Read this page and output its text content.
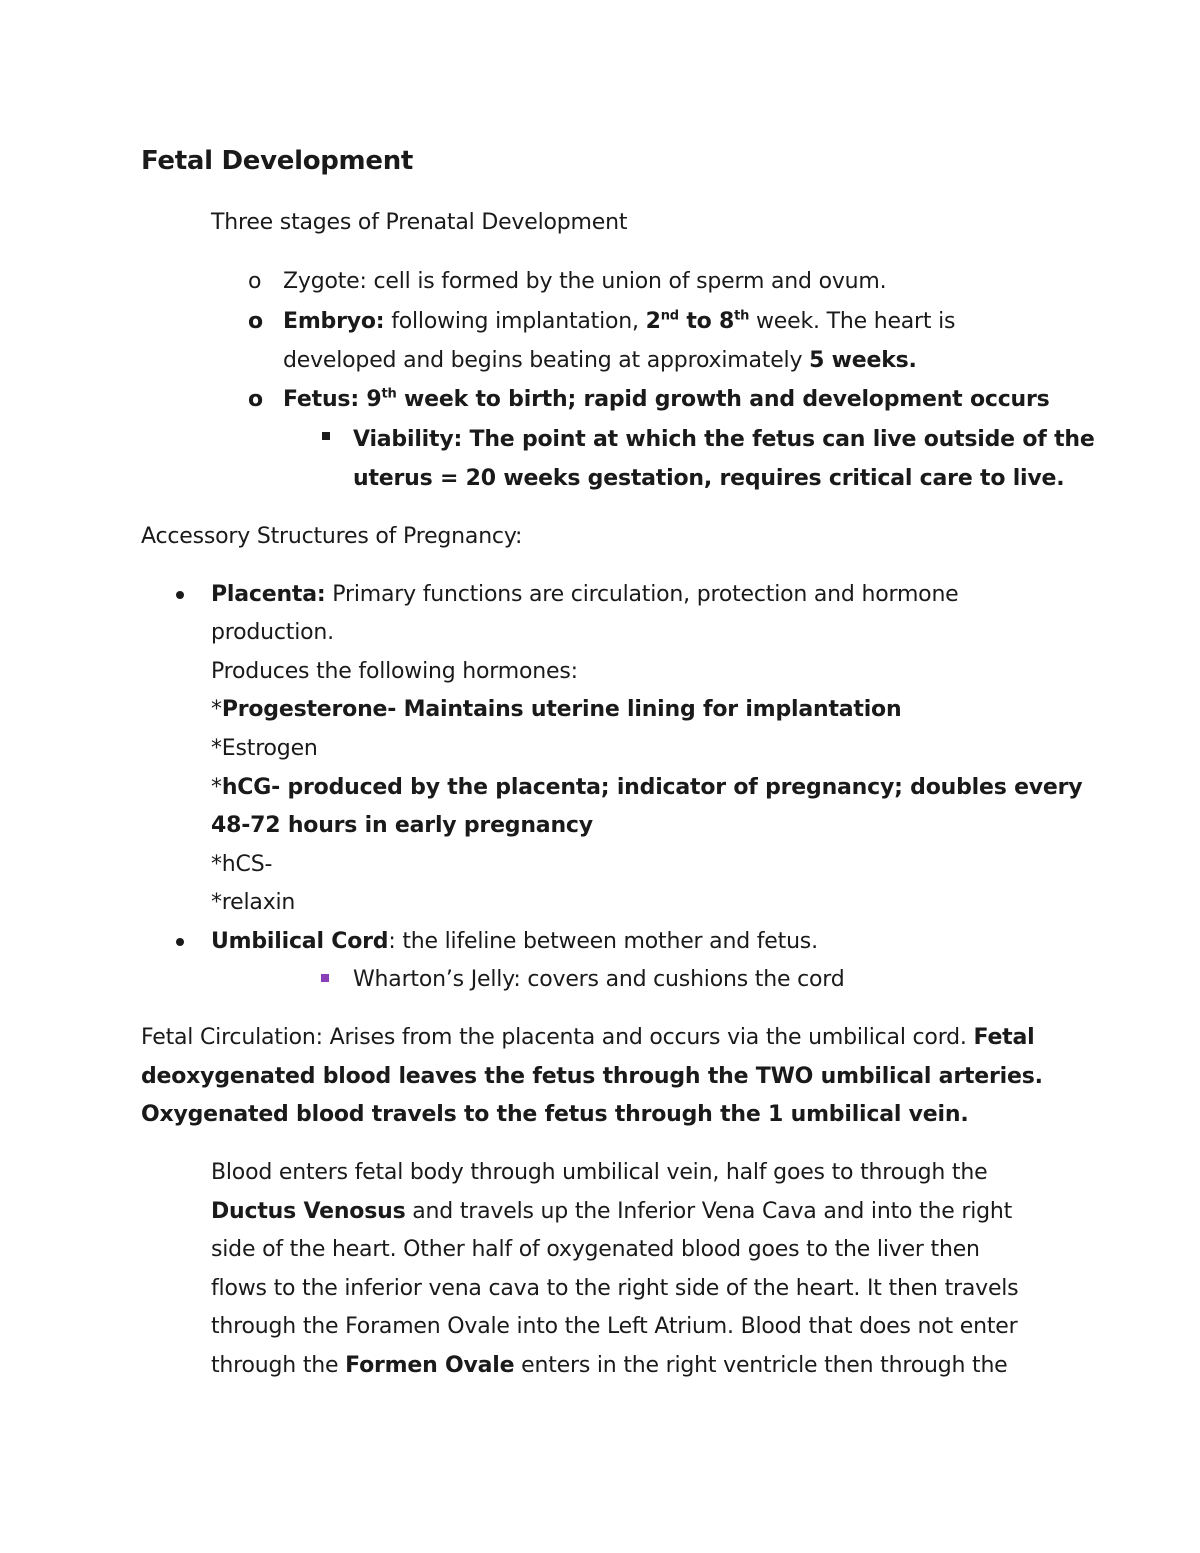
Fetal Development
Three stages of Prenatal Development
o Zygote: cell is formed by the union of sperm and ovum.
o Embryo: following implantation, 2nd to 8th week. The heart is
developed and begins beating at approximately 5 weeks.
o Fetus: 9th week to birth; rapid growth and development occurs
Viability: The point at which the fetus can live outside of the
uterus = 20 weeks gestation, requires critical care to live.
Accessory Structures of Pregnancy:
Placenta: Primary functions are circulation, protection and hormone
production.
Produces the following hormones:
*Progesterone- Maintains uterine lining for implantation
*Estrogen
*hCG- produced by the placenta; indicator of pregnancy; doubles every
48-72 hours in early pregnancy
*hCS-
*relaxin
Umbilical Cord: the lifeline between mother and fetus.
Wharton’s Jelly: covers and cushions the cord
Fetal Circulation: Arises from the placenta and occurs via the umbilical cord. Fetal
deoxygenated blood leaves the fetus through the TWO umbilical arteries.
Oxygenated blood travels to the fetus through the 1 umbilical vein.
Blood enters fetal body through umbilical vein, half goes to through the
Ductus Venosus and travels up the Inferior Vena Cava and into the right
side of the heart. Other half of oxygenated blood goes to the liver then
flows to the inferior vena cava to the right side of the heart. It then travels
through the Foramen Ovale into the Left Atrium. Blood that does not enter
through the Formen Ovale enters in the right ventricle then through the
